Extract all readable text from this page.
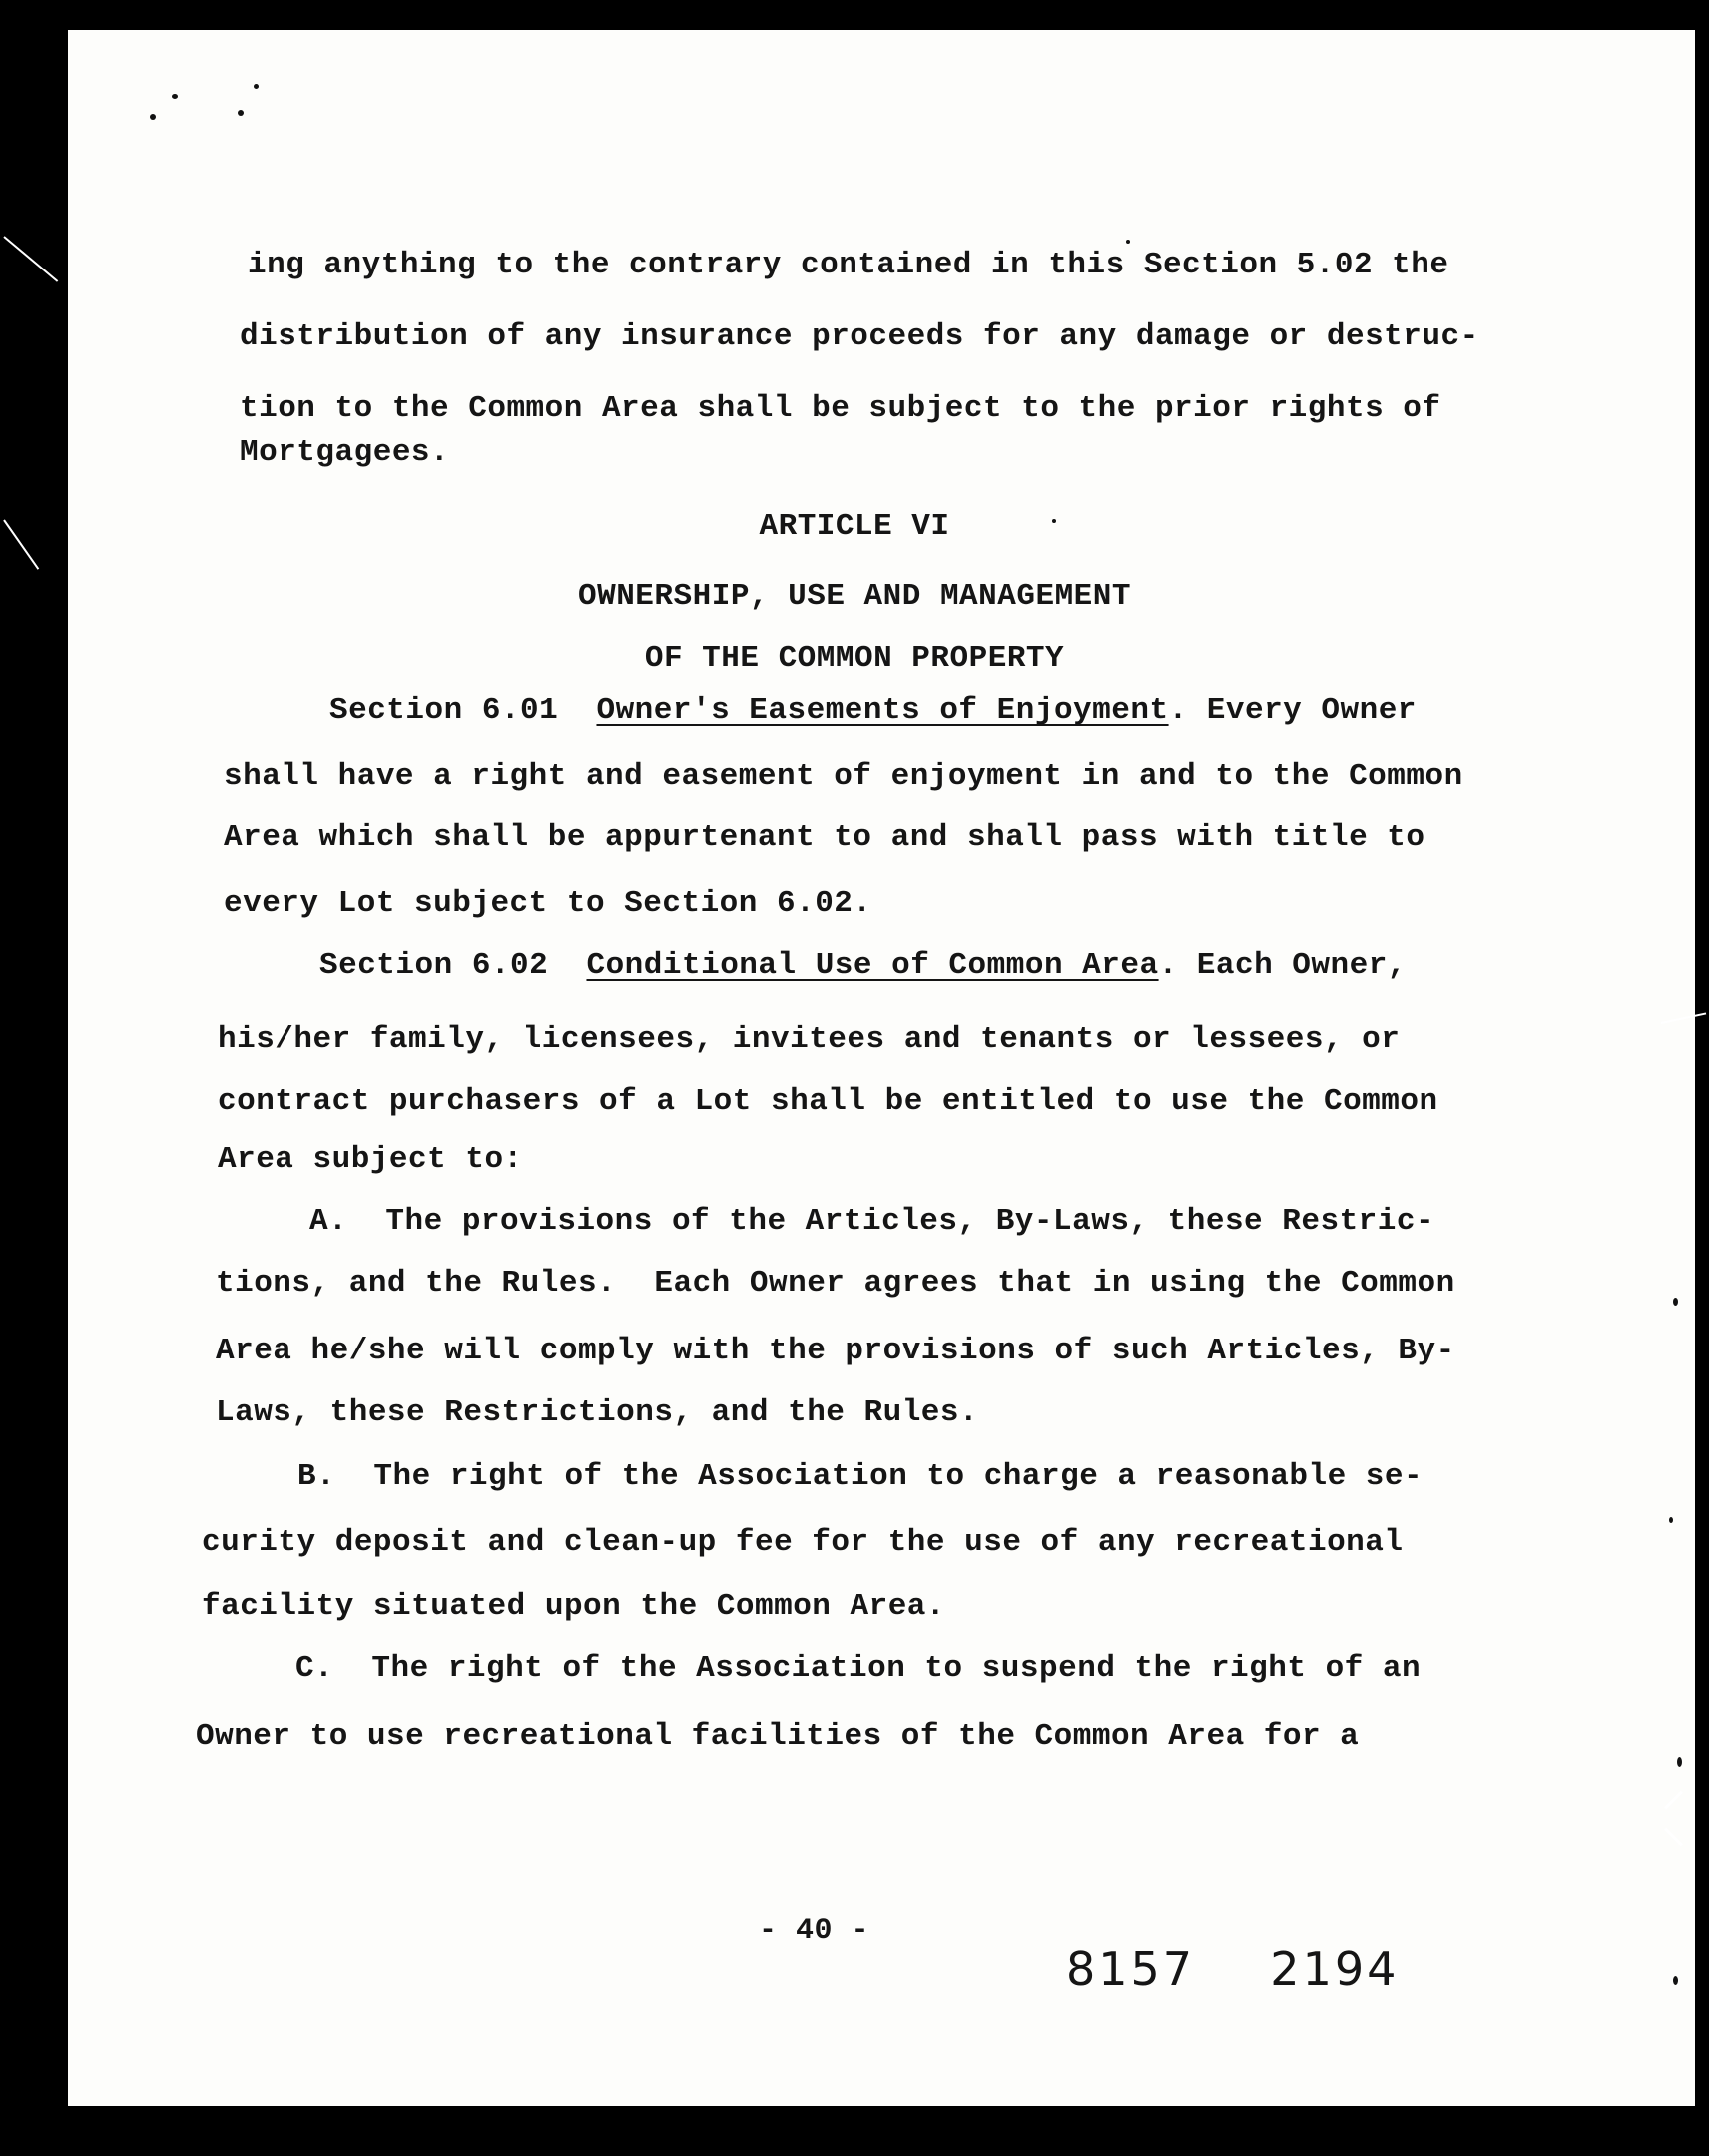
ing anything to the contrary contained in this Section 5.02 the
distribution of any insurance proceeds for any damage or destruc-
tion to the Common Area shall be subject to the prior rights of
Mortgagees.
ARTICLE VI
OWNERSHIP, USE AND MANAGEMENT
OF THE COMMON PROPERTY
Section 6.01 Owner's Easements of Enjoyment. Every Owner
shall have a right and easement of enjoyment in and to the Common
Area which shall be appurtenant to and shall pass with title to
every Lot subject to Section 6.02.
Section 6.02 Conditional Use of Common Area. Each Owner,
his/her family, licensees, invitees and tenants or lessees, or
contract purchasers of a Lot shall be entitled to use the Common
Area subject to:
A.  The provisions of the Articles, By-Laws, these Restric-
tions, and the Rules.  Each Owner agrees that in using the Common
Area he/she will comply with the provisions of such Articles, By-
Laws, these Restrictions, and the Rules.
B.  The right of the Association to charge a reasonable se-
curity deposit and clean-up fee for the use of any recreational
facility situated upon the Common Area.
C.  The right of the Association to suspend the right of an
Owner to use recreational facilities of the Common Area for a
- 40 -
8157  2194
